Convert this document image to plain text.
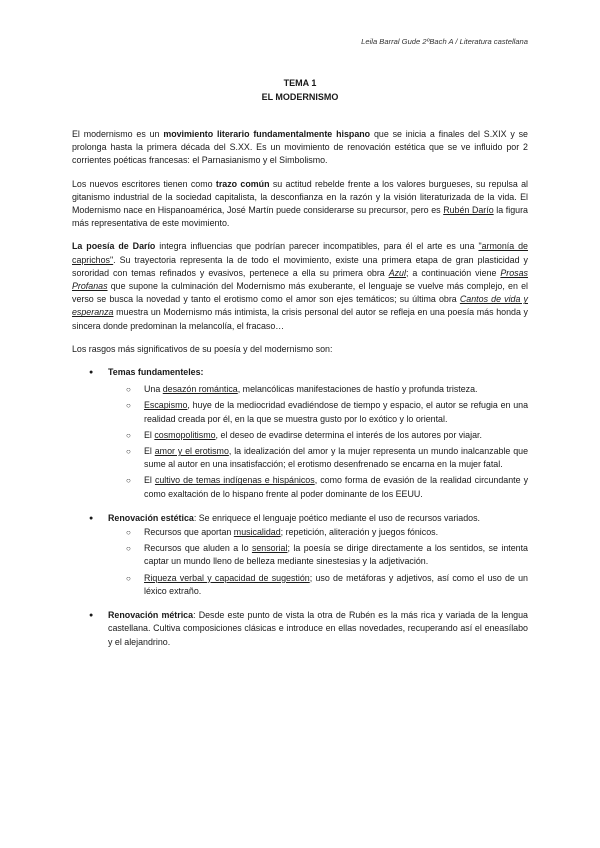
Leila Barral Gude 2ºBach A / Literatura castellana
TEMA 1
EL MODERNISMO

El modernismo es un movimiento literario fundamentalmente hispano que se inicia a finales del S.XIX y se prolonga hasta la primera década del S.XX. Es un movimiento de renovación estética que se ve influido por 2 corrientes poéticas francesas: el Parnasianismo y el Simbolismo.

Los nuevos escritores tienen como trazo común su actitud rebelde frente a los valores burgueses, su repulsa al gitanismo industrial de la sociedad capitalista, la desconfianza en la razón y la visión literaturizada de la vida. El Modernismo nace en Hispanoamérica, José Martín puede considerarse su precursor, pero es Rubén Darío la figura más representativa de este movimiento.

La poesía de Darío integra influencias que podrían parecer incompatibles, para él el arte es una "armonía de caprichos". Su trayectoria representa la de todo el movimiento, existe una primera etapa de gran plasticidad y sororidad con temas refinados y evasivos, pertenece a ella su primera obra Azul; a continuación viene Prosas Profanas que supone la culminación del Modernismo más exuberante, el lenguaje se vuelve más complejo, en el verso se busca la novedad y tanto el erotismo como el amor son ejes temáticos; su última obra Cantos de vida y esperanza muestra un Modernismo más intimista, la crisis personal del autor se refleja en una poesía más honda y sincera donde predominan la melancolía, el fracaso…

Los rasgos más significativos de su poesía y del modernismo son:

● Temas fundamenteles:
○ Una desazón romántica, melancólicas manifestaciones de hastío y profunda tristeza.
○ Escapismo, huye de la mediocridad evadiéndose de tiempo y espacio, el autor se refugia en una realidad creada por él, en la que se muestra gusto por lo exótico y lo oriental.
○ El cosmopolitismo, el deseo de evadirse determina el interés de los autores por viajar.
○ El amor y el erotismo, la idealización del amor y la mujer representa un mundo inalcanzable que sume al autor en una insatisfacción; el erotismo desenfrenado se encarna en la mujer fatal.
○ El cultivo de temas indígenas e hispánicos, como forma de evasión de la realidad circundante y como exaltación de lo hispano frente al poder dominante de los EEUU.
● Renovación estética: Se enriquece el lenguaje poético mediante el uso de recursos variados.
○ Recursos que aportan musicalidad; repetición, aliteración y juegos fónicos.
○ Recursos que aluden a lo sensorial; la poesía se dirige directamente a los sentidos, se intenta captar un mundo lleno de belleza mediante sinestesias y la adjetivación.
○ Riqueza verbal y capacidad de sugestión; uso de metáforas y adjetivos, así como el uso de un léxico extraño.
● Renovación métrica: Desde este punto de vista la otra de Rubén es la más rica y variada de la lengua castellana. Cultiva composiciones clásicas e introduce en ellas novedades, recuperando así el eneasílabo y el alejandrino.
